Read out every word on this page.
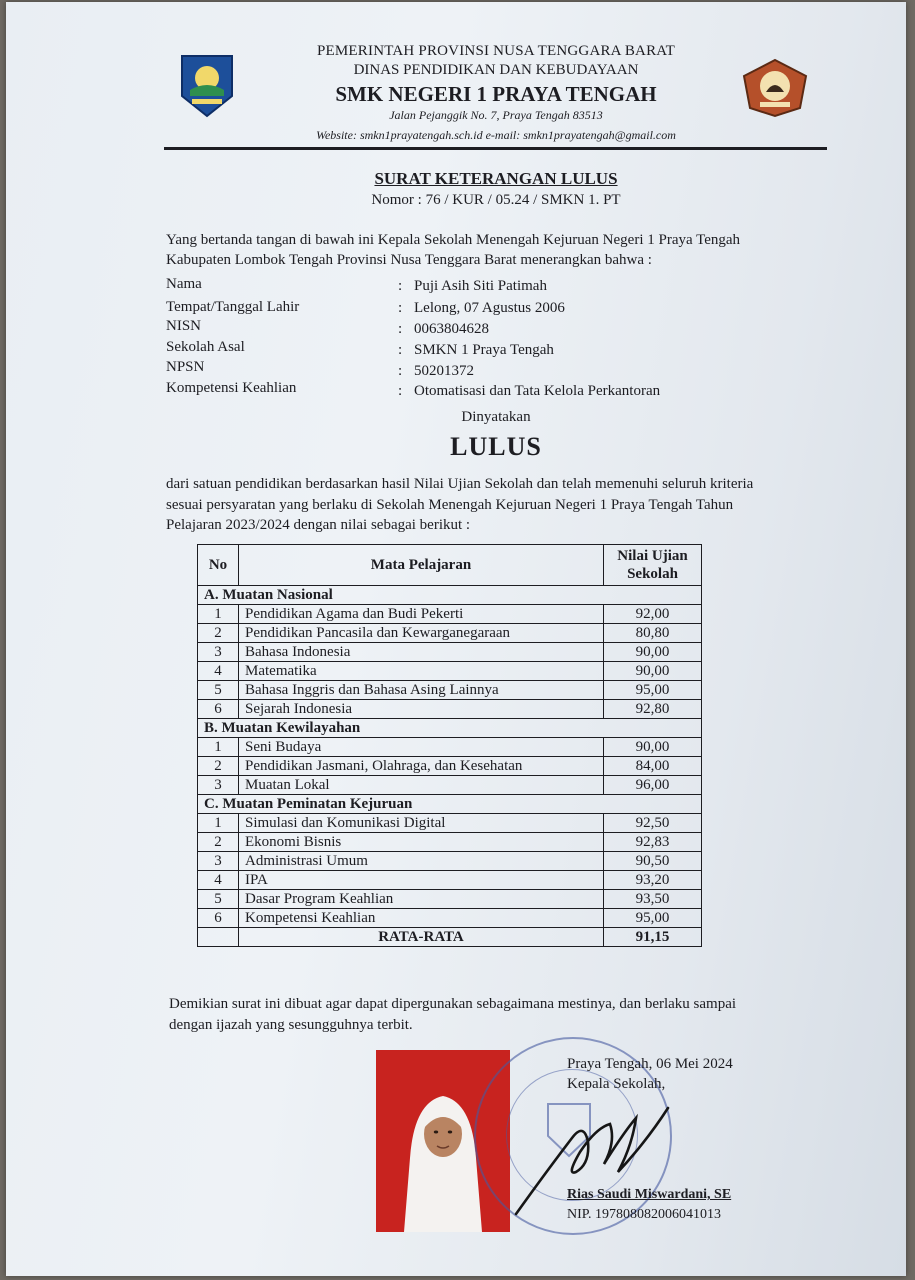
PEMERINTAH PROVINSI NUSA TENGGARA BARAT
DINAS PENDIDIKAN DAN KEBUDAYAAN
SMK NEGERI 1 PRAYA TENGAH
Jalan Pejanggik No. 7, Praya Tengah 83513
Website: smkn1prayatengah.sch.id e-mail: smkn1prayatengah@gmail.com
SURAT KETERANGAN LULUS
Nomor : 76 / KUR / 05.24 / SMKN 1. PT
Yang bertanda tangan di bawah ini Kepala Sekolah Menengah Kejuruan Negeri 1 Praya Tengah
Kabupaten Lombok Tengah Provinsi Nusa Tenggara Barat menerangkan bahwa :
Nama	: Puji Asih Siti Patimah
Tempat/Tanggal Lahir	: Lelong, 07 Agustus 2006
NISN	: 0063804628
Sekolah Asal	: SMKN 1 Praya Tengah
NPSN	: 50201372
Kompetensi Keahlian	: Otomatisasi dan Tata Kelola Perkantoran
Dinyatakan
LULUS
dari satuan pendidikan berdasarkan hasil Nilai Ujian Sekolah dan telah memenuhi seluruh kriteria
sesuai persyaratan yang berlaku di Sekolah Menengah Kejuruan Negeri 1 Praya Tengah Tahun
Pelajaran 2023/2024 dengan nilai sebagai berikut :
No	Mata Pelajaran	Nilai Ujian
Sekolah

A. Muatan Nasional		
1	Pendidikan Agama dan Budi Pekerti	92,00
2	Pendidikan Pancasila dan Kewarganegaraan	80,80
3	Bahasa Indonesia	90,00
4	Matematika	90,00
5	Bahasa Inggris dan Bahasa Asing Lainnya	95,00
6	Sejarah Indonesia	92,80
B. Muatan Kewilayahan		
1	Seni Budaya	90,00
2	Pendidikan Jasmani, Olahraga, dan Kesehatan	84,00
3	Muatan Lokal	96,00
C. Muatan Peminatan Kejuruan		
1	Simulasi dan Komunikasi Digital	92,50
2	Ekonomi Bisnis	92,83
3	Administrasi Umum	90,50
4	IPA	93,20
5	Dasar Program Keahlian	93,50
6	Kompetensi Keahlian	95,00
	RATA-RATA	91,15
Demikian surat ini dibuat agar dapat dipergunakan sebagaimana mestinya, dan berlaku sampai
dengan ijazah yang sesungguhnya terbit.
Praya Tengah, 06 Mei 2024
Kepala Sekolah,
Rias Saudi Miswardani, SE
NIP. 197808082006041013
